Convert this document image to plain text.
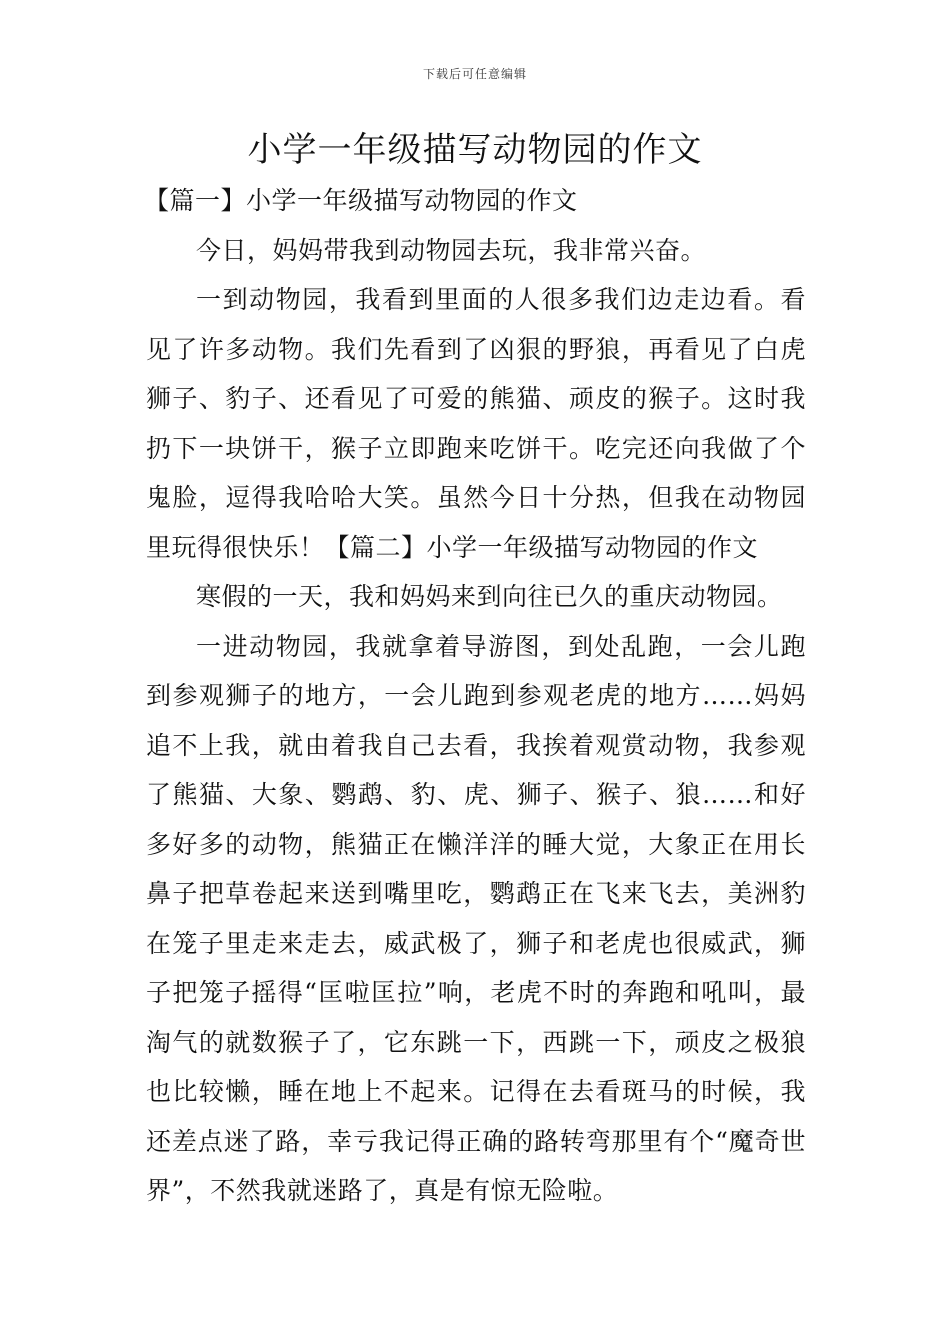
下载后可任意编辑
小学一年级描写动物园的作文

【篇一】小学一年级描写动物园的作文

今日，妈妈带我到动物园去玩，我非常兴奋。

一到动物园，我看到里面的人很多我们边走边看。看见了许多动物。我们先看到了凶狠的野狼，再看见了白虎狮子、豹子、还看见了可爱的熊猫、顽皮的猴子。这时我扔下一块饼干，猴子立即跑来吃饼干。吃完还向我做了个鬼脸，逗得我哈哈大笑。虽然今日十分热，但我在动物园里玩得很快乐！【篇二】小学一年级描写动物园的作文

寒假的一天，我和妈妈来到向往已久的重庆动物园。

一进动物园，我就拿着导游图，到处乱跑，一会儿跑到参观狮子的地方，一会儿跑到参观老虎的地方……妈妈追不上我，就由着我自己去看，我挨着观赏动物，我参观了熊猫、大象、鹦鹉、豹、虎、狮子、猴子、狼……和好多好多的动物，熊猫正在懒洋洋的睡大觉，大象正在用长鼻子把草卷起来送到嘴里吃，鹦鹉正在飞来飞去，美洲豹在笼子里走来走去，威武极了，狮子和老虎也很威武，狮子把笼子摇得“匡啦匡拉”响，老虎不时的奔跑和吼叫，最淘气的就数猴子了，它东跳一下，西跳一下，顽皮之极狼也比较懒，睡在地上不起来。记得在去看斑马的时候，我还差点迷了路，幸亏我记得正确的路转弯那里有个“魔奇世界”，不然我就迷路了，真是有惊无险啦。
